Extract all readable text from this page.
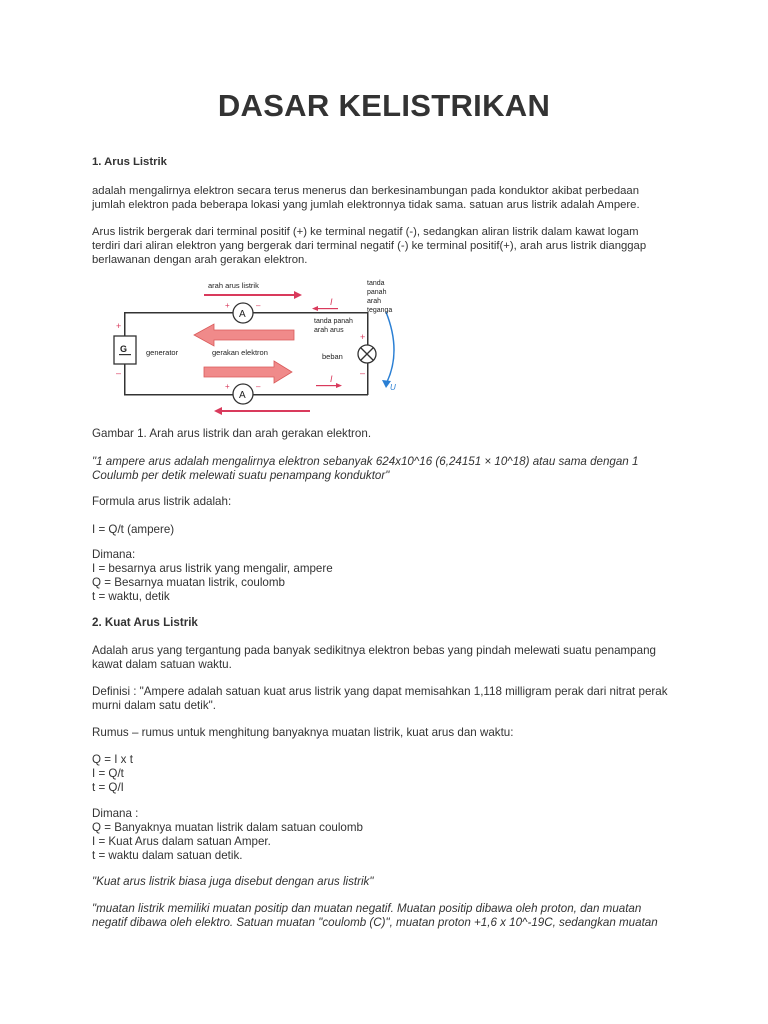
DASAR KELISTRIKAN
1. Arus Listrik
adalah mengalirnya elektron secara terus menerus dan berkesinambungan pada konduktor akibat perbedaan
jumlah elektron pada beberapa lokasi yang jumlah elektronnya tidak sama. satuan arus listrik adalah Ampere.
Arus listrik bergerak dari terminal positif (+) ke terminal negatif (-), sedangkan aliran listrik dalam kawat logam
terdiri dari aliran elektron yang bergerak dari terminal negatif (-) ke terminal positif(+), arah arus listrik dianggap
berlawanan dengan arah gerakan elektron.
arah arus listrik
G	generator
+
–
A
+	–
A
+	–
gerakan elektron
I
I
tanda panah
arah arus
beban
+
–
U
tanda
panah
arah
teganga
Gambar 1. Arah arus listrik dan arah gerakan elektron.
"1 ampere arus adalah mengalirnya elektron sebanyak 624x10^16 (6,24151 × 10^18) atau sama dengan 1
Coulumb per detik melewati suatu penampang konduktor"
Formula arus listrik adalah:
I = Q/t (ampere)
Dimana:
I = besarnya arus listrik yang mengalir, ampere
Q = Besarnya muatan listrik, coulomb
t = waktu, detik
2. Kuat Arus Listrik
Adalah arus yang tergantung pada banyak sedikitnya elektron bebas yang pindah melewati suatu penampang
kawat dalam satuan waktu.
Definisi : "Ampere adalah satuan kuat arus listrik yang dapat memisahkan 1,118 milligram perak dari nitrat perak
murni dalam satu detik".
Rumus – rumus untuk menghitung banyaknya muatan listrik, kuat arus dan waktu:
Q = I x t
I = Q/t
t = Q/I
Dimana :
Q = Banyaknya muatan listrik dalam satuan coulomb
I = Kuat Arus dalam satuan Amper.
t = waktu dalam satuan detik.
"Kuat arus listrik biasa juga disebut dengan arus listrik"
"muatan listrik memiliki muatan positip dan muatan negatif. Muatan positip dibawa oleh proton, dan muatan
negatif dibawa oleh elektro. Satuan muatan "coulomb (C)", muatan proton +1,6 x 10^-19C, sedangkan muatan
